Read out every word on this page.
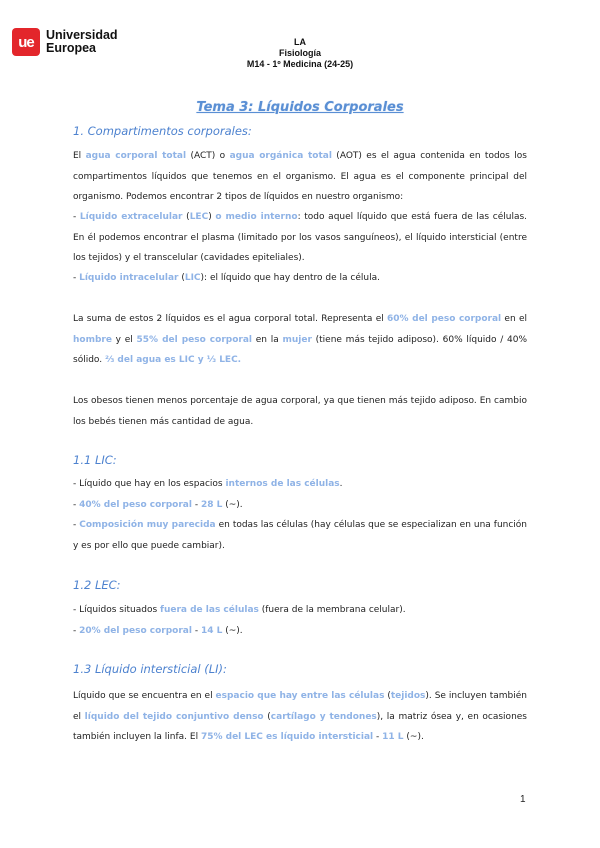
ue Universidad
Europea	LA
Fisiología
M14 - 1º Medicina (24-25)
Tema 3: Líquidos Corporales
1. Compartimentos corporales:
El agua corporal total (ACT) o agua orgánica total (AOT) es el agua contenida en todos los compartimentos líquidos que tenemos en el organismo. El agua es el componente principal del organismo. Podemos encontrar 2 tipos de líquidos en nuestro organismo:
- Líquido extracelular (LEC) o medio interno: todo aquel líquido que está fuera de las células. En él podemos encontrar el plasma (limitado por los vasos sanguíneos), el líquido intersticial (entre los tejidos) y el transcelular (cavidades epiteliales).
- Líquido intracelular (LIC): el líquido que hay dentro de la célula.
La suma de estos 2 líquidos es el agua corporal total. Representa el 60% del peso corporal en el hombre y el 55% del peso corporal en la mujer (tiene más tejido adiposo). 60% líquido / 40% sólido. ⅔ del agua es LIC y ⅓ LEC.
Los obesos tienen menos porcentaje de agua corporal, ya que tienen más tejido adiposo. En cambio los bebés tienen más cantidad de agua.
1.1 LIC:
- Líquido que hay en los espacios internos de las células.
- 40% del peso corporal - 28 L (~).
- Composición muy parecida en todas las células (hay células que se especializan en una función y es por ello que puede cambiar).
1.2 LEC:
- Líquidos situados fuera de las células (fuera de la membrana celular).
- 20% del peso corporal - 14 L (~).
1.3 Líquido intersticial (LI):
Líquido que se encuentra en el espacio que hay entre las células (tejidos). Se incluyen también el líquido del tejido conjuntivo denso (cartílago y tendones), la matriz ósea y, en ocasiones también incluyen la linfa. El 75% del LEC es líquido intersticial - 11 L (~).
1
